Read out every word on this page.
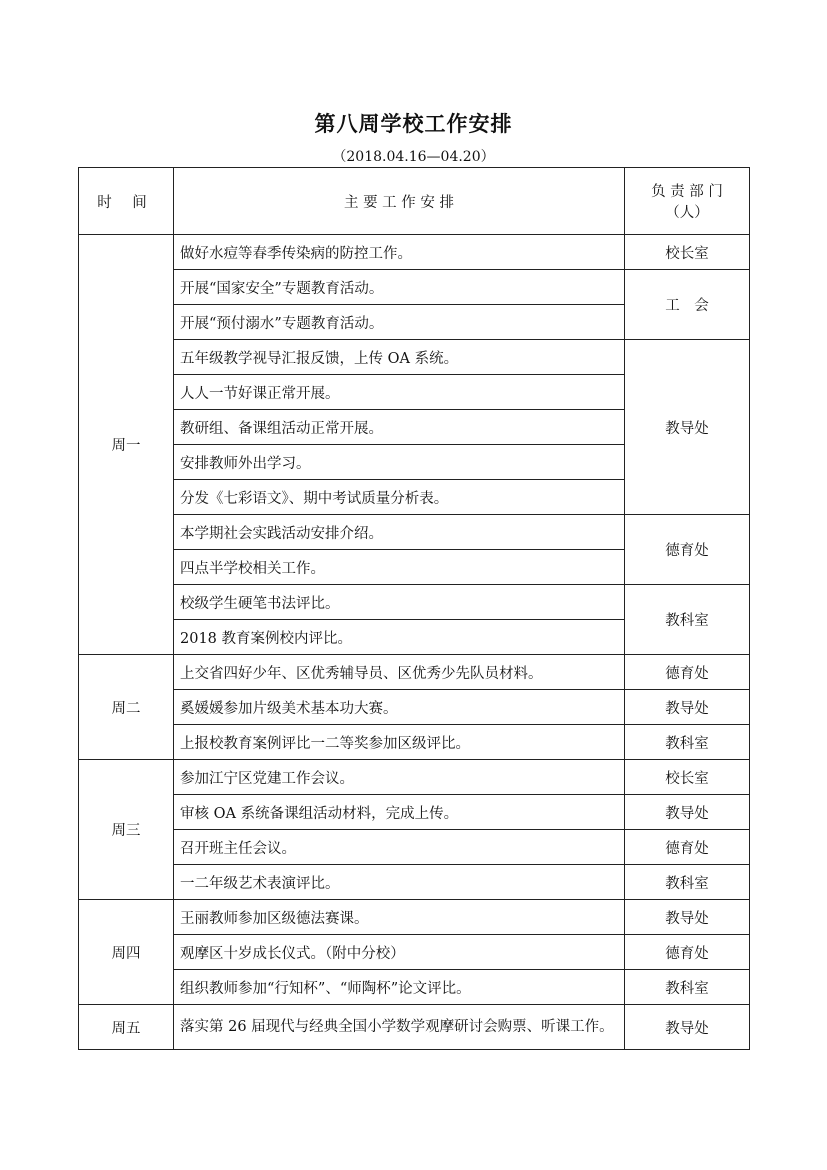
第八周学校工作安排
（2018.04.16—04.20）
时 间	主 要 工 作 安 排	负 责 部 门
（人）

周一	做好水痘等春季传染病的防控工作。	校长室
	开展“国家安全”专题教育活动。	工　会
	开展“预付溺水”专题教育活动。	
	五年级教学视导汇报反馈，上传 OA 系统。	教导处
	人人一节好课正常开展。	
	教研组、备课组活动正常开展。	
	安排教师外出学习。	
	分发《七彩语文》、期中考试质量分析表。	
	本学期社会实践活动安排介绍。	德育处
	四点半学校相关工作。	
	校级学生硬笔书法评比。	教科室
	2018 教育案例校内评比。	
周二	上交省四好少年、区优秀辅导员、区优秀少先队员材料。	德育处
	奚媛媛参加片级美术基本功大赛。	教导处
	上报校教育案例评比一二等奖参加区级评比。	教科室
周三	参加江宁区党建工作会议。	校长室
	审核 OA 系统备课组活动材料，完成上传。	教导处
	召开班主任会议。	德育处
	一二年级艺术表演评比。	教科室
周四	王丽教师参加区级德法赛课。	教导处
	观摩区十岁成长仪式。（附中分校）	德育处
	组织教师参加“行知杯”、“师陶杯”论文评比。	教科室
周五	落实第 26 届现代与经典全国小学数学观摩研讨会购票、听课工作。	教导处
